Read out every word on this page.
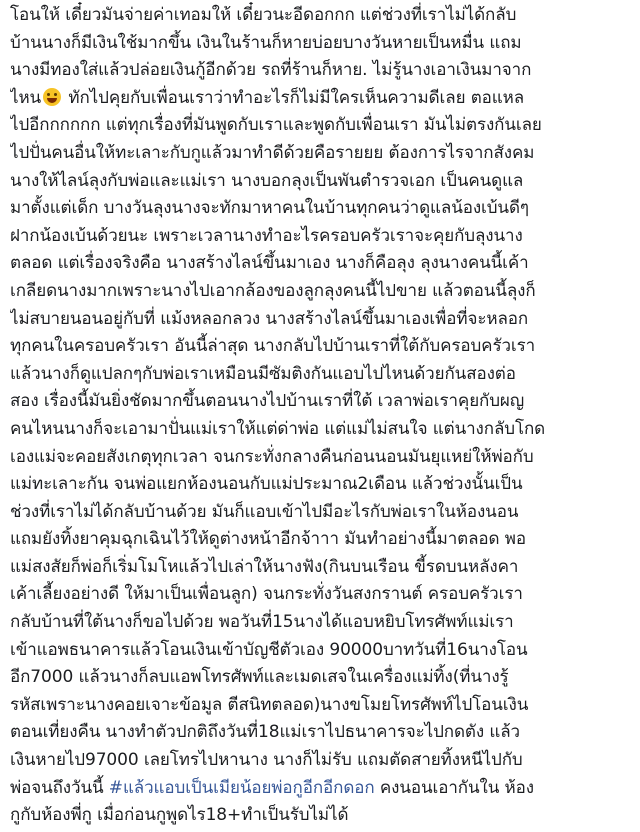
โอนให้ เดี๋ยวมันจ่ายค่าเทอมให้ เดี๋ยวนะอีดอกกก แต่ช่วงที่เราไม่ได้กลับ
บ้านนางก็มีเงินใช้มากขึ้น เงินในร้านก็หายบ่อยบางวันหายเป็นหมื่น แถม
นางมีทองใส่แล้วปล่อยเงินกู้อีกด้วย รถที่ร้านก็หาย. ไม่รู้นางเอาเงินมาจาก
ไหน ทักไปคุยกับเพื่อนเราว่าทำอะไรก็ไม่มีใครเห็นความดีเลย ตอแหล
ไปอีกกกกกก แต่ทุกเรื่องที่มันพูดกับเราและพูดกับเพื่อนเรา มันไม่ตรงกันเลย
ไปปั่นคนอื่นให้ทะเลาะกับกูแล้วมาทำดีด้วยคือรายยย ต้องการไรจากสังคม
นางให้ไลน์ลุงกับพ่อและแม่เรา นางบอกลุงเป็นพันตำรวจเอก เป็นคนดูแล
มาตั้งแต่เด็ก บางวันลุงนางจะทักมาหาคนในบ้านทุกคนว่าดูแลน้องเบ้นดีๆ
ฝากน้องเบ้นด้วยนะ เพราะเวลานางทำอะไรครอบครัวเราจะคุยกับลุงนาง
ตลอด แต่เรื่องจริงคือ นางสร้างไลน์ขึ้นมาเอง นางก็คือลุง ลุงนางคนนี้เค้า
เกลียดนางมากเพราะนางไปเอากล้องของลูกลุงคนนี้ไปขาย แล้วตอนนี้ลุงก็
ไม่สบายนอนอยู่กับที่ แม้งหลอกลวง นางสร้างไลน์ขึ้นมาเองเพื่อที่จะหลอก
ทุกคนในครอบครัวเรา อันนี้ล่าสุด นางกลับไปบ้านเราที่ใต้กับครอบครัวเรา
แล้วนางก็ดูแปลกๆกับพ่อเราเหมือนมีซัมติงกันแอบไปไหนด้วยกันสองต่อ
สอง เรื่องนี้มันยิ่งชัดมากขึ้นตอนนางไปบ้านเราที่ใต้ เวลาพ่อเราคุยกับผญ
คนไหนนางก็จะเอามาปั่นแม่เราให้แต่ด่าพ่อ แต่แม่ไม่สนใจ แต่นางกลับโกด
เองแม่จะคอยสังเกตุทุกเวลา จนกระทั่งกลางคืนก่อนนอนมันยุแหย่ให้พ่อกับ
แม่ทะเลาะกัน จนพ่อแยกห้องนอนกับแม่ประมาณ2เดือน แล้วช่วงนั้นเป็น
ช่วงที่เราไม่ได้กลับบ้านด้วย มันก็แอบเข้าไปมีอะไรกับพ่อเราในห้องนอน
แถมยังทิ้งยาคุมฉุกเฉินไว้ให้ดูต่างหน้าอีกจ้าาา มันทำอย่างนี้มาตลอด พอ
แม่สงสัยก็พ่อก็เริ่มโมโหแล้วไปเล่าให้นางฟัง(กินบนเรือน ขี้รดบนหลังคา
เค้าเลี้ยงอย่างดี ให้มาเป็นเพื่อนลูก) จนกระทั่งวันสงกรานต์ ครอบครัวเรา
กลับบ้านที่ใต้นางก็ขอไปด้วย พอวันที่15นางได้แอบหยิบโทรศัพท์แม่เรา
เข้าแอพธนาคารแล้วโอนเงินเข้าบัญชีตัวเอง 90000บาทวันที่16นางโอน
อีก7000 แล้วนางก็ลบแอพโทรศัพท์และเมดเสจในเครื่องแม่ทิ้ง(ที่นางรู้
รหัสเพราะนางคอยเจาะข้อมูล ตีสนิทตลอด)นางขโมยโทรศัพท์ไปโอนเงิน
ตอนเที่ยงคืน นางทำตัวปกติถึงวันที่18แม่เราไปธนาคารจะไปกดตัง แล้ว
เงินหายไป97000 เลยโทรไปหานาง นางก็ไม่รับ แถมตัดสายทิ้งหนีไปกับ
พ่อจนถึงวันนี้ #แล้วแอบเป็นเมียน้อยพ่อกูอีกอีกดอก คงนอนเอากันใน ห้อง
กูกับห้องพี่กู เมื่อก่อนกูพูดไร18+ทำเป็นรับไม่ได้
